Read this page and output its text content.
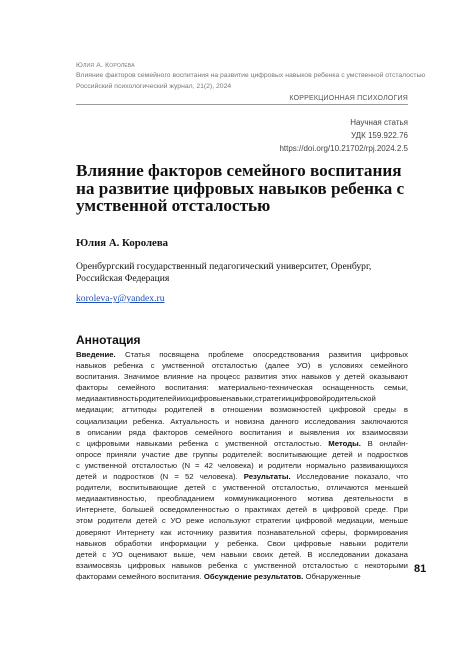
Юлия А. Королева
Влияние факторов семейного воспитания на развитие цифровых навыков ребенка с умственной отсталостью
Российский психологический журнал, 21(2), 2024
КОРРЕКЦИОННАЯ ПСИХОЛОГИЯ
Научная статья
УДК 159.922.76
https://doi.org/10.21702/rpj.2024.2.5
Влияние факторов семейного воспитания на развитие цифровых навыков ребенка с умственной отсталостью
Юлия А. Королева
Оренбургский государственный педагогический университет, Оренбург, Российская Федерация
koroleva-y@yandex.ru
Аннотация
Введение. Статья посвящена проблеме опосредствования развития цифровых
навыков ребенка с умственной отсталостью (далее УО) в условиях семейного
воспитания. Значимое влияние на процесс развития этих навыков у детей оказывают
факторы семейного воспитания: материально-техническая оснащенность семьи,
медиаактивностьродителейиихцифровыенавыки,стратегиицифровойродительской
медиации; аттитюды родителей в отношении возможностей цифровой среды в
социализации ребенка. Актуальность и новизна данного исследования заключаются
в описании ряда факторов семейного воспитания и выявления их взаимосвязи
с цифровыми навыками ребенка с умственной отсталостью. Методы. В онлайн-
опросе приняли участие две группы родителей: воспитывающие детей и подростков
с умственной отсталостью (N = 42 человека) и родители нормально развивающихся
детей и подростков (N = 52 человека). Результаты. Исследование показало, что
родители, воспитывающие детей с умственной отсталостью, отличаются меньшей
медиаактивностью, преобладанием коммуникационного мотива деятельности в
Интернете, большей осведомленностью о практиках детей в цифровой среде. При
этом родители детей с УО реже используют стратегии цифровой медиации, меньше
доверяют Интернету как источнику развития познавательной сферы, формирования
навыков обработки информации у ребенка. Свои цифровые навыки родители
детей с УО оценивают выше, чем навыки своих детей. В исследовании доказана
взаимосвязь цифровых навыков ребенка с умственной отсталостью с некоторыми
факторами семейного воспитания. Обсуждение результатов. Обнаруженные
81
